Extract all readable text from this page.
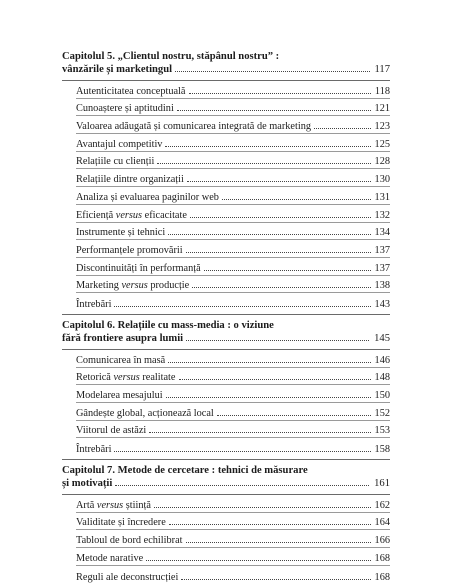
Capitolul 5. „Clientul nostru, stăpânul nostru” :

vânzările și marketingul	117
Autenticitatea conceptuală	118
Cunoaștere și aptitudini	121
Valoarea adăugată și comunicarea integrată de marketing	123
Avantajul competitiv	125
Relațiile cu clienții	128
Relațiile dintre organizații	130
Analiza și evaluarea paginilor web	131
Eficiență versus eficacitate	132
Instrumente și tehnici	134
Performanțele promovării	137
Discontinuități în performanță	137
Marketing versus producție	138
Întrebări	143

Capitolul 6. Relațiile cu mass-media : o viziune

fără frontiere asupra lumii	145
Comunicarea în masă	146
Retorică versus realitate	148
Modelarea mesajului	150
Gândește global, acționează local	152
Viitorul de astăzi	153
Întrebări	158

Capitolul 7. Metode de cercetare : tehnici de măsurare

și motivații	161
Artă versus știință	162
Validitate și încredere	164
Tabloul de bord echilibrat	166
Metode narative	168
Reguli ale deconstrucției	168
